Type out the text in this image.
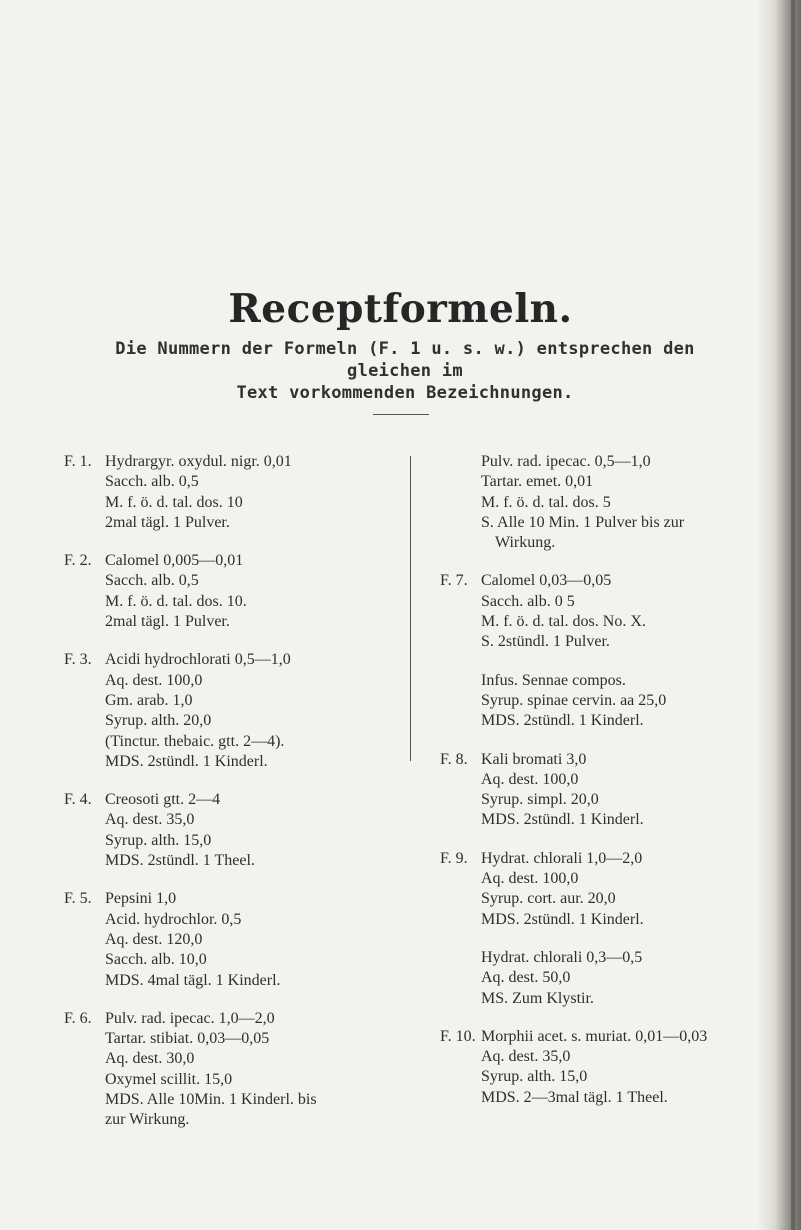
Receptformeln.

Die Nummern der Formeln (F. 1 u. s. w.) entsprechen den gleichen im

Text vorkommenden Bezeichnungen.

F. 1. Hydrargyr. oxydul. nigr. 0,01
Sacch. alb. 0,5
M. f. ö. d. tal. dos. 10
2mal tägl. 1 Pulver.
F. 2. Calomel 0,005—0,01
Sacch. alb. 0,5
M. f. ö. d. tal. dos. 10.
2mal tägl. 1 Pulver.
F. 3. Acidi hydrochlorati 0,5—1,0
Aq. dest. 100,0
Gm. arab. 1,0
Syrup. alth. 20,0
(Tinctur. thebaic. gtt. 2—4).
MDS. 2stündl. 1 Kinderl.
F. 4. Creosoti gtt. 2—4
Aq. dest. 35,0
Syrup. alth. 15,0
MDS. 2stündl. 1 Theel.
F. 5. Pepsini 1,0
Acid. hydrochlor. 0,5
Aq. dest. 120,0
Sacch. alb. 10,0
MDS. 4mal tägl. 1 Kinderl.
F. 6. Pulv. rad. ipecac. 1,0—2,0
Tartar. stibiat. 0,03—0,05
Aq. dest. 30,0
Oxymel scillit. 15,0
MDS. Alle 10Min. 1 Kinderl. bis
zur Wirkung.
Pulv. rad. ipecac. 0,5—1,0
Tartar. emet. 0,01
M. f. ö. d. tal. dos. 5
S. Alle 10 Min. 1 Pulver bis zur
Wirkung.
F. 7. Calomel 0,03—0,05
Sacch. alb. 0 5
M. f. ö. d. tal. dos. No. X.
S. 2stündl. 1 Pulver.
Infus. Sennae compos.
Syrup. spinae cervin. aa 25,0
MDS. 2stündl. 1 Kinderl.
F. 8. Kali bromati 3,0
Aq. dest. 100,0
Syrup. simpl. 20,0
MDS. 2stündl. 1 Kinderl.
F. 9. Hydrat. chlorali 1,0—2,0
Aq. dest. 100,0
Syrup. cort. aur. 20,0
MDS. 2stündl. 1 Kinderl.
Hydrat. chlorali 0,3—0,5
Aq. dest. 50,0
MS. Zum Klystir.
F. 10. Morphii acet. s. muriat. 0,01—0,03
Aq. dest. 35,0
Syrup. alth. 15,0
MDS. 2—3mal tägl. 1 Theel.
